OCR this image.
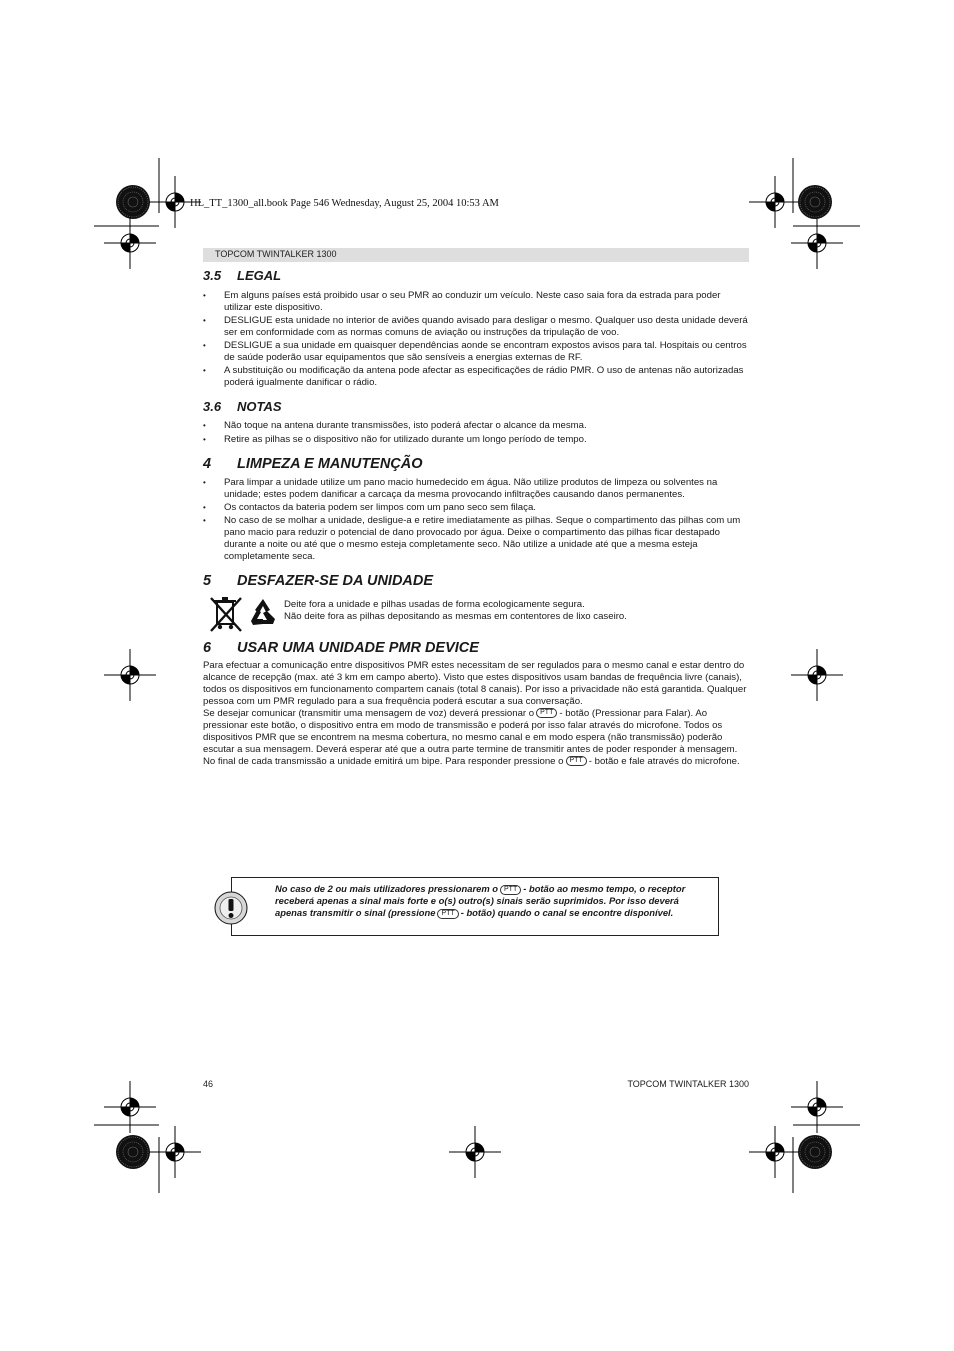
HL_TT_1300_all.book Page 546 Wednesday, August 25, 2004 10:53 AM
TOPCOM TWINTALKER 1300
3.5 LEGAL
• Em alguns países está proibido usar o seu PMR ao conduzir um veículo. Neste caso saia fora da estrada para poder utilizar este dispositivo.
• DESLIGUE esta unidade no interior de aviões quando avisado para desligar o mesmo. Qualquer uso desta unidade deverá ser em conformidade com as normas comuns de aviação ou instruções da tripulação de voo.
• DESLIGUE a sua unidade em quaisquer dependências aonde se encontram expostos avisos para tal. Hospitais ou centros de saúde poderão usar equipamentos que são sensíveis a energias externas de RF.
• A substituição ou modificação da antena pode afectar as especificações de rádio PMR. O uso de antenas não autorizadas poderá igualmente danificar o rádio.
3.6 NOTAS
• Não toque na antena durante transmissões, isto poderá afectar o alcance da mesma.
• Retire as pilhas se o dispositivo não for utilizado durante um longo período de tempo.
4 LIMPEZA E MANUTENÇÃO
• Para limpar a unidade utilize um pano macio humedecido em água. Não utilize produtos de limpeza ou solventes na unidade; estes podem danificar a carcaça da mesma provocando infiltrações causando danos permanentes.
• Os contactos da bateria podem ser limpos com um pano seco sem filaça.
• No caso de se molhar a unidade, desligue-a e retire imediatamente as pilhas. Seque o compartimento das pilhas com um pano macio para reduzir o potencial de dano provocado por água. Deixe o compartimento das pilhas ficar destapado durante a noite ou até que o mesmo esteja completamente seco. Não utilize a unidade até que a mesma esteja completamente seca.
5 DESFAZER-SE DA UNIDADE

Deite fora a unidade e pilhas usadas de forma ecologicamente segura.

Não deite fora as pilhas depositando as mesmas em contentores de lixo caseiro.

6 USAR UMA UNIDADE PMR DEVICE

Para efectuar a comunicação entre dispositivos PMR estes necessitam de ser regulados para o mesmo canal e estar dentro do alcance de recepção (max. até 3 km em campo aberto). Visto que estes dispositivos usam bandas de frequência livre (canais), todos os dispositivos em funcionamento compartem canais (total 8 canais). Por isso a privacidade não está garantida. Qualquer pessoa com um PMR regulado para a sua frequência poderá escutar a sua conversação.

Se desejar comunicar (transmitir uma mensagem de voz) deverá pressionar o PTT - botão (Pressionar para Falar). Ao pressionar este botão, o dispositivo entra em modo de transmissão e poderá por isso falar através do microfone. Todos os dispositivos PMR que se encontrem na mesma cobertura, no mesmo canal e em modo espera (não transmissão) poderão escutar a sua mensagem. Deverá esperar até que a outra parte termine de transmitir antes de poder responder à mensagem. No final de cada transmissão a unidade emitirá um bipe. Para responder pressione o PTT - botão e fale através do microfone.

No caso de 2 ou mais utilizadores pressionarem o PTT - botão ao mesmo tempo, o receptor receberá apenas a sinal mais forte e o(s) outro(s) sinais serão suprimidos. Por isso deverá apenas transmitir o sinal (pressione PTT - botão) quando o canal se encontre disponível.
46	TOPCOM TWINTALKER 1300
